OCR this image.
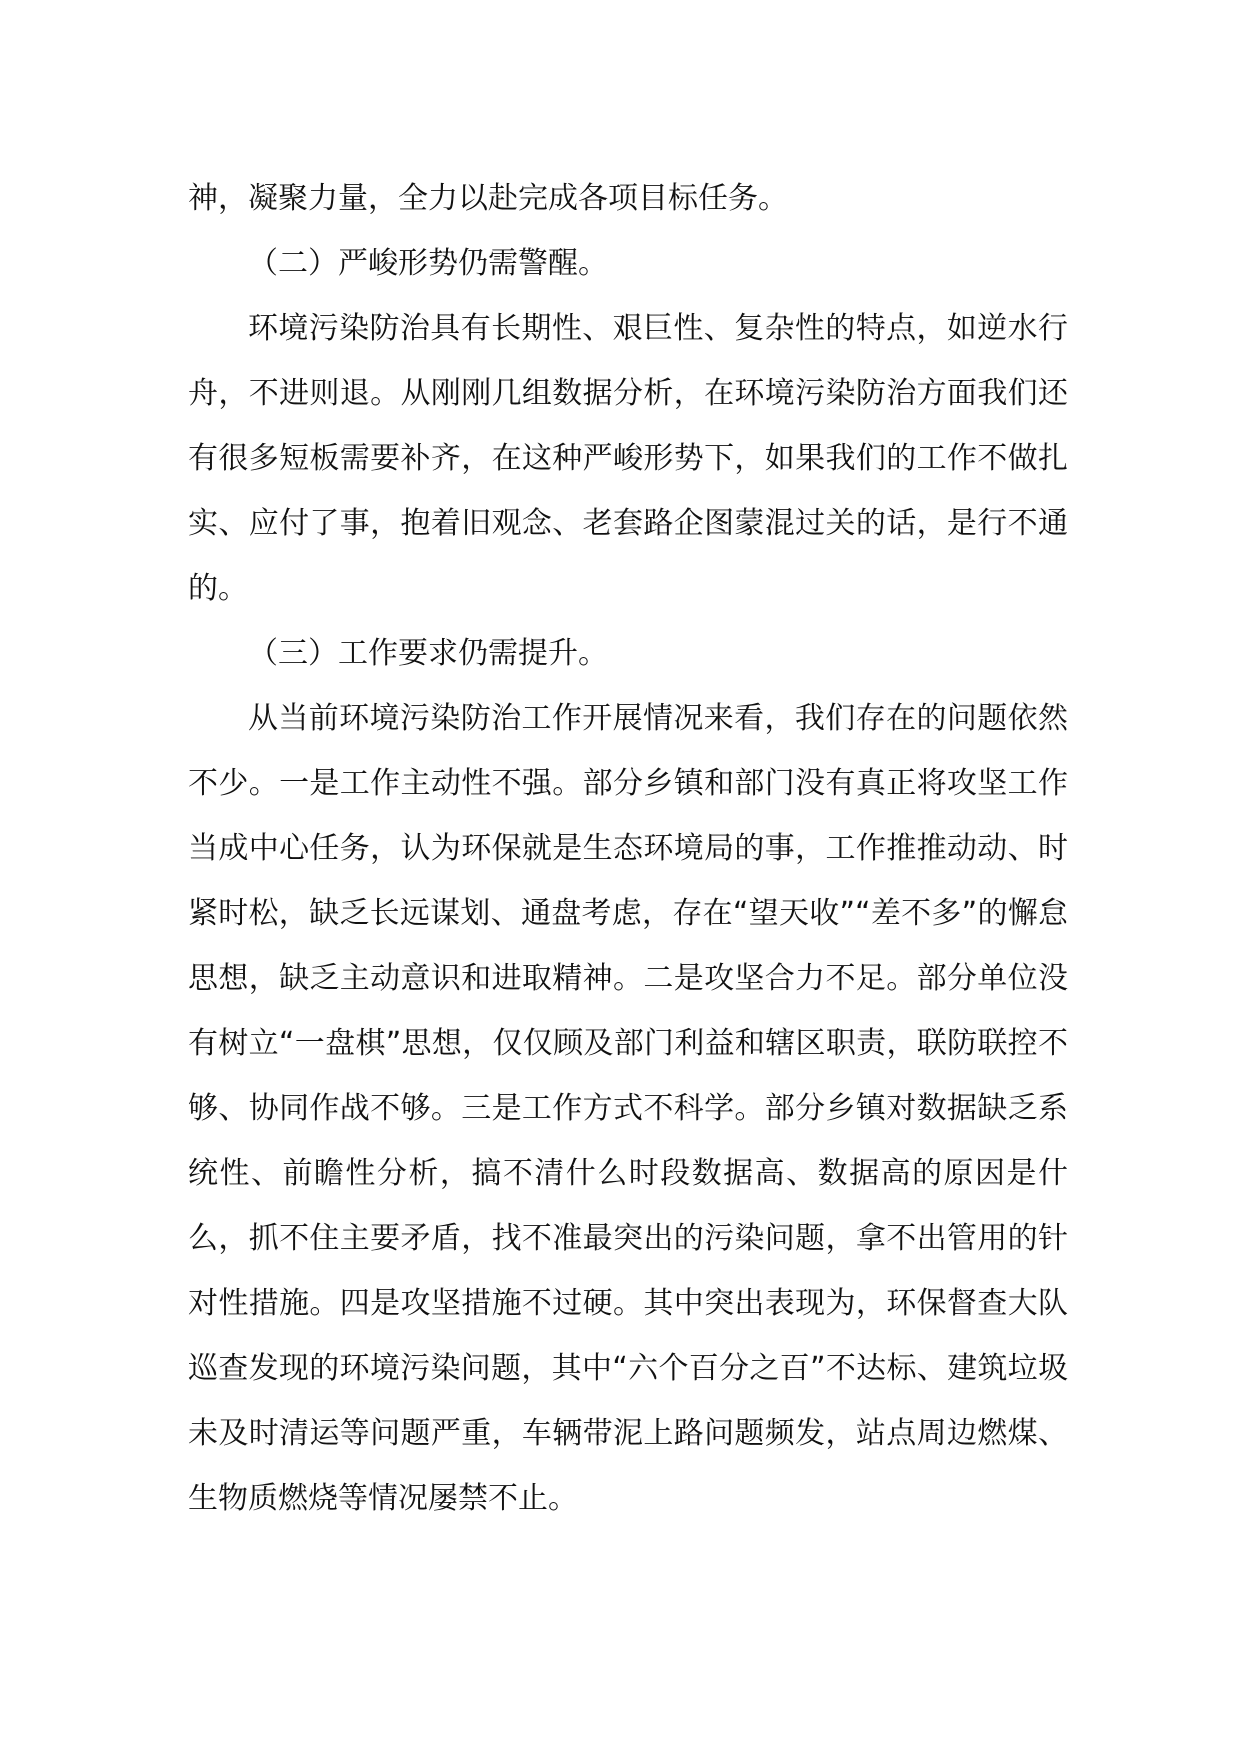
神，凝聚力量，全力以赴完成各项目标任务。

（二）严峻形势仍需警醒。

环境污染防治具有长期性、艰巨性、复杂性的特点，如逆水行舟，不进则退。从刚刚几组数据分析，在环境污染防治方面我们还有很多短板需要补齐，在这种严峻形势下，如果我们的工作不做扎实、应付了事，抱着旧观念、老套路企图蒙混过关的话，是行不通的。

（三）工作要求仍需提升。

从当前环境污染防治工作开展情况来看，我们存在的问题依然不少。一是工作主动性不强。部分乡镇和部门没有真正将攻坚工作当成中心任务，认为环保就是生态环境局的事，工作推推动动、时紧时松，缺乏长远谋划、通盘考虑，存在“望天收”“差不多”的懈怠思想，缺乏主动意识和进取精神。二是攻坚合力不足。部分单位没有树立“一盘棋”思想，仅仅顾及部门利益和辖区职责，联防联控不够、协同作战不够。三是工作方式不科学。部分乡镇对数据缺乏系统性、前瞻性分析，搞不清什么时段数据高、数据高的原因是什么，抓不住主要矛盾，找不准最突出的污染问题，拿不出管用的针对性措施。四是攻坚措施不过硬。其中突出表现为，环保督查大队巡查发现的环境污染问题，其中“六个百分之百”不达标、建筑垃圾未及时清运等问题严重，车辆带泥上路问题频发，站点周边燃煤、生物质燃烧等情况屡禁不止。
